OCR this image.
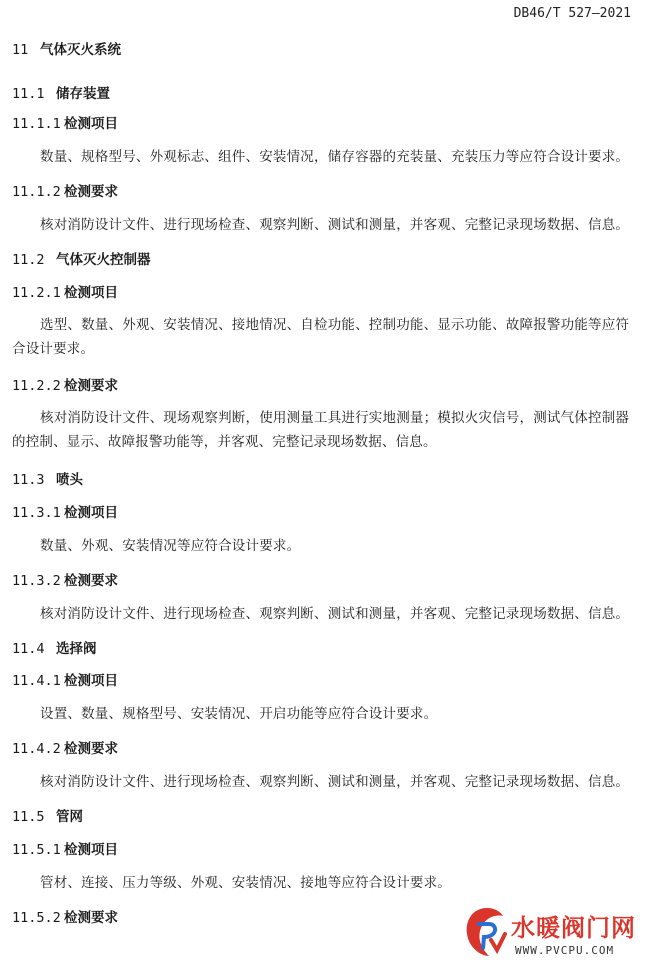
DB46/T 527—2021
11 气体灭火系统
11.1 储存装置
11.1.1 检测项目
数量、规格型号、外观标志、组件、安装情况，储存容器的充装量、充装压力等应符合设计要求。
11.1.2 检测要求
核对消防设计文件、进行现场检查、观察判断、测试和测量，并客观、完整记录现场数据、信息。
11.2 气体灭火控制器
11.2.1 检测项目
选型、数量、外观、安装情况、接地情况、自检功能、控制功能、显示功能、故障报警功能等应符合设计要求。
11.2.2 检测要求
核对消防设计文件、现场观察判断，使用测量工具进行实地测量；模拟火灾信号，测试气体控制器的控制、显示、故障报警功能等，并客观、完整记录现场数据、信息。
11.3 喷头
11.3.1 检测项目
数量、外观、安装情况等应符合设计要求。
11.3.2 检测要求
核对消防设计文件、进行现场检查、观察判断、测试和测量，并客观、完整记录现场数据、信息。
11.4 选择阀
11.4.1 检测项目
设置、数量、规格型号、安装情况、开启功能等应符合设计要求。
11.4.2 检测要求
核对消防设计文件、进行现场检查、观察判断、测试和测量，并客观、完整记录现场数据、信息。
11.5 管网
11.5.1 检测项目
管材、连接、压力等级、外观、安装情况、接地等应符合设计要求。
11.5.2 检测要求	水暖阀门网
WWW.PVCPU.COM
